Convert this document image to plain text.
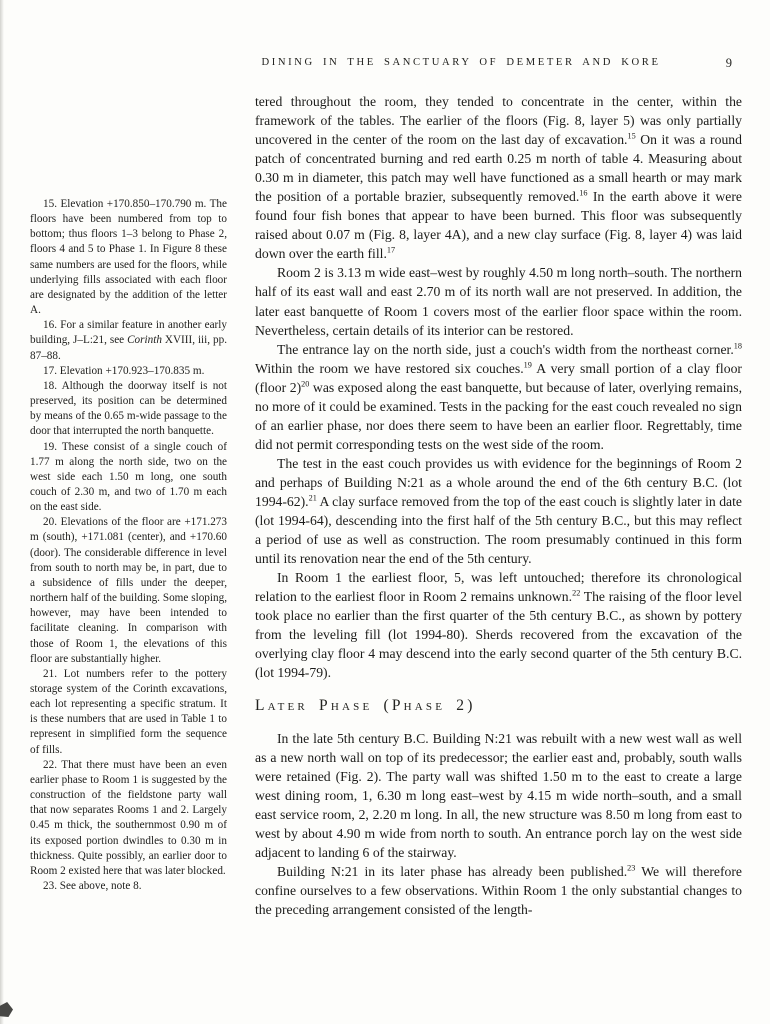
DINING IN THE SANCTUARY OF DEMETER AND KORE	9

15. Elevation +170.850–170.790 m. The floors have been numbered from top to bottom; thus floors 1–3 belong to Phase 2, floors 4 and 5 to Phase 1. In Figure 8 these same numbers are used for the floors, while underlying fills associated with each floor are designated by the addition of the letter A.

16. For a similar feature in another early building, J–L:21, see Corinth XVIII, iii, pp. 87–88.

17. Elevation +170.923–170.835 m.

18. Although the doorway itself is not preserved, its position can be determined by means of the 0.65 m-wide passage to the door that interrupted the north banquette.

19. These consist of a single couch of 1.77 m along the north side, two on the west side each 1.50 m long, one south couch of 2.30 m, and two of 1.70 m each on the east side.

20. Elevations of the floor are +171.273 m (south), +171.081 (center), and +170.60 (door). The considerable difference in level from south to north may be, in part, due to a subsidence of fills under the deeper, northern half of the building. Some sloping, however, may have been intended to facilitate cleaning. In comparison with those of Room 1, the elevations of this floor are substantially higher.

21. Lot numbers refer to the pottery storage system of the Corinth excavations, each lot representing a specific stratum. It is these numbers that are used in Table 1 to represent in simplified form the sequence of fills.

22. That there must have been an even earlier phase to Room 1 is suggested by the construction of the fieldstone party wall that now separates Rooms 1 and 2. Largely 0.45 m thick, the southernmost 0.90 m of its exposed portion dwindles to 0.30 m in thickness. Quite possibly, an earlier door to Room 2 existed here that was later blocked.

23. See above, note 8.

tered throughout the room, they tended to concentrate in the center, within the framework of the tables. The earlier of the floors (Fig. 8, layer 5) was only partially uncovered in the center of the room on the last day of excavation.$^{15}$ On it was a round patch of concentrated burning and red earth 0.25 m north of table 4. Measuring about 0.30 m in diameter, this patch may well have functioned as a small hearth or may mark the position of a portable brazier, subsequently removed.$^{16}$ In the earth above it were found four fish bones that appear to have been burned. This floor was subsequently raised about 0.07 m (Fig. 8, layer 4A), and a new clay surface (Fig. 8, layer 4) was laid down over the earth fill.$^{17}$

Room 2 is 3.13 m wide east–west by roughly 4.50 m long north–south. The northern half of its east wall and east 2.70 m of its north wall are not preserved. In addition, the later east banquette of Room 1 covers most of the earlier floor space within the room. Nevertheless, certain details of its interior can be restored.

The entrance lay on the north side, just a couch's width from the northeast corner.$^{18}$ Within the room we have restored six couches.$^{19}$ A very small portion of a clay floor (floor 2)$^{20}$ was exposed along the east banquette, but because of later, overlying remains, no more of it could be examined. Tests in the packing for the east couch revealed no sign of an earlier phase, nor does there seem to have been an earlier floor. Regrettably, time did not permit corresponding tests on the west side of the room.

The test in the east couch provides us with evidence for the beginnings of Room 2 and perhaps of Building N:21 as a whole around the end of the 6th century B.C. (lot 1994-62).$^{21}$ A clay surface removed from the top of the east couch is slightly later in date (lot 1994-64), descending into the first half of the 5th century B.C., but this may reflect a period of use as well as construction. The room presumably continued in this form until its renovation near the end of the 5th century.

In Room 1 the earliest floor, 5, was left untouched; therefore its chronological relation to the earliest floor in Room 2 remains unknown.$^{22}$ The raising of the floor level took place no earlier than the first quarter of the 5th century B.C., as shown by pottery from the leveling fill (lot 1994-80). Sherds recovered from the excavation of the overlying clay floor 4 may descend into the early second quarter of the 5th century B.C. (lot 1994-79).

Later Phase (Phase 2)

In the late 5th century B.C. Building N:21 was rebuilt with a new west wall as well as a new north wall on top of its predecessor; the earlier east and, probably, south walls were retained (Fig. 2). The party wall was shifted 1.50 m to the east to create a large west dining room, 1, 6.30 m long east–west by 4.15 m wide north–south, and a small east service room, 2, 2.20 m long. In all, the new structure was 8.50 m long from east to west by about 4.90 m wide from north to south. An entrance porch lay on the west side adjacent to landing 6 of the stairway.

Building N:21 in its later phase has already been published.$^{23}$ We will therefore confine ourselves to a few observations. Within Room 1 the only substantial changes to the preceding arrangement consisted of the length-
